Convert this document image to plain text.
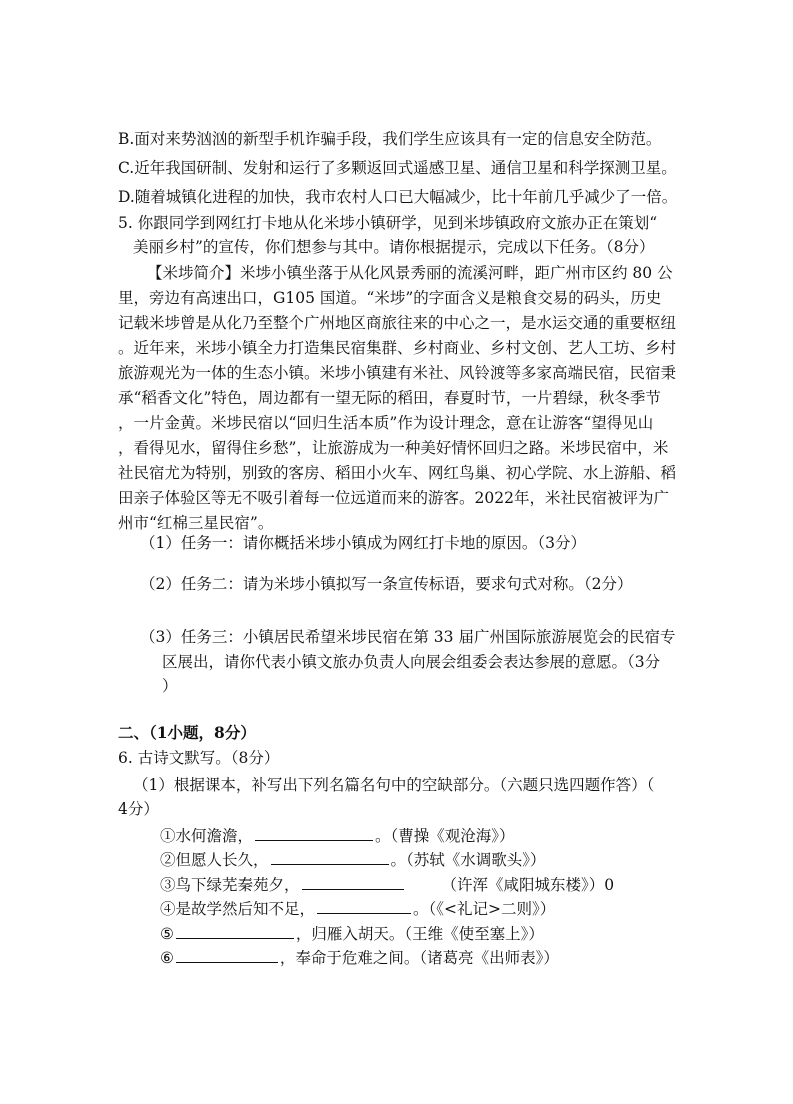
B.面对来势汹汹的新型手机诈骗手段，我们学生应该具有一定的信息安全防范。
C.近年我国研制、发射和运行了多颗返回式遥感卫星、通信卫星和科学探测卫星。
D.随着城镇化进程的加快，我市农村人口已大幅减少，比十年前几乎减少了一倍。
5. 你跟同学到网红打卡地从化米埗小镇研学，见到米埗镇政府文旅办正在策划“
美丽乡村”的宣传，你们想参与其中。请你根据提示，完成以下任务。（8分）
【米埗简介】米埗小镇坐落于从化风景秀丽的流溪河畔，距广州市区约 80 公
里，旁边有高速出口，G105 国道。“米埗”的字面含义是粮食交易的码头，历史
记载米埗曾是从化乃至整个广州地区商旅往来的中心之一，是水运交通的重要枢纽
。近年来，米埗小镇全力打造集民宿集群、乡村商业、乡村文创、艺人工坊、乡村
旅游观光为一体的生态小镇。米埗小镇建有米社、风铃渡等多家高端民宿，民宿秉
承“稻香文化”特色，周边都有一望无际的稻田，春夏时节，一片碧绿，秋冬季节
，一片金黄。米埗民宿以“回归生活本质”作为设计理念，意在让游客“望得见山
，看得见水，留得住乡愁”，让旅游成为一种美好情怀回归之路。米埗民宿中，米
社民宿尤为特别，别致的客房、稻田小火车、网红鸟巢、初心学院、水上游船、稻
田亲子体验区等无不吸引着每一位远道而来的游客。2022年，米社民宿被评为广
州市“红棉三星民宿”。
（1）任务一：请你概括米埗小镇成为网红打卡地的原因。（3分）
（2）任务二：请为米埗小镇拟写一条宣传标语，要求句式对称。（2分）
（3）任务三：小镇居民希望米埗民宿在第 33 届广州国际旅游展览会的民宿专
区展出，请你代表小镇文旅办负责人向展会组委会表达参展的意愿。（3分
）
二、（1小题，8分）
6. 古诗文默写。（8分）
（1）根据课本，补写出下列名篇名句中的空缺部分。（六题只选四题作答）（
4分）
①水何澹澹，	。（曹操《观沧海》）
②但愿人长久，	。（苏轼《水调歌头》）
③鸟下绿芜秦苑夕，	（许浑《咸阳城东楼》）0
④是故学然后知不足，	。（《<礼记>二则》）
⑤	，归雁入胡天。（王维《使至塞上》）
⑥	，奉命于危难之间。（诸葛亮《出师表》）
